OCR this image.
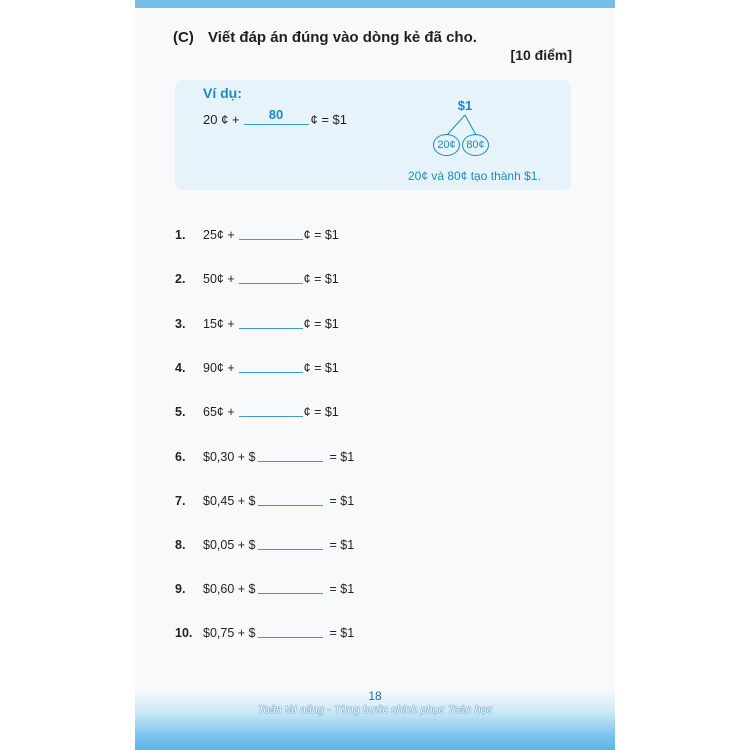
(C) Viết đáp án đúng vào dòng kẻ đã cho.
[10 điểm]
Ví dụ:
20 ¢ +	80	¢ = $1
$1
20¢ 80¢
20¢ và 80¢ tạo thành $1.
1.	25¢ +	¢ = $1
2.	50¢ +	¢ = $1
3.	15¢ +	¢ = $1
4.	90¢ +	¢ = $1
5.	65¢ +	¢ = $1
6.	$0,30 + $	= $1
7.	$0,45 + $	= $1
8.	$0,05 + $	= $1
9.	$0,60 + $	= $1
10. $0,75 + $	= $1
18
Toán tài năng - Từng bước chinh phục Toán học
